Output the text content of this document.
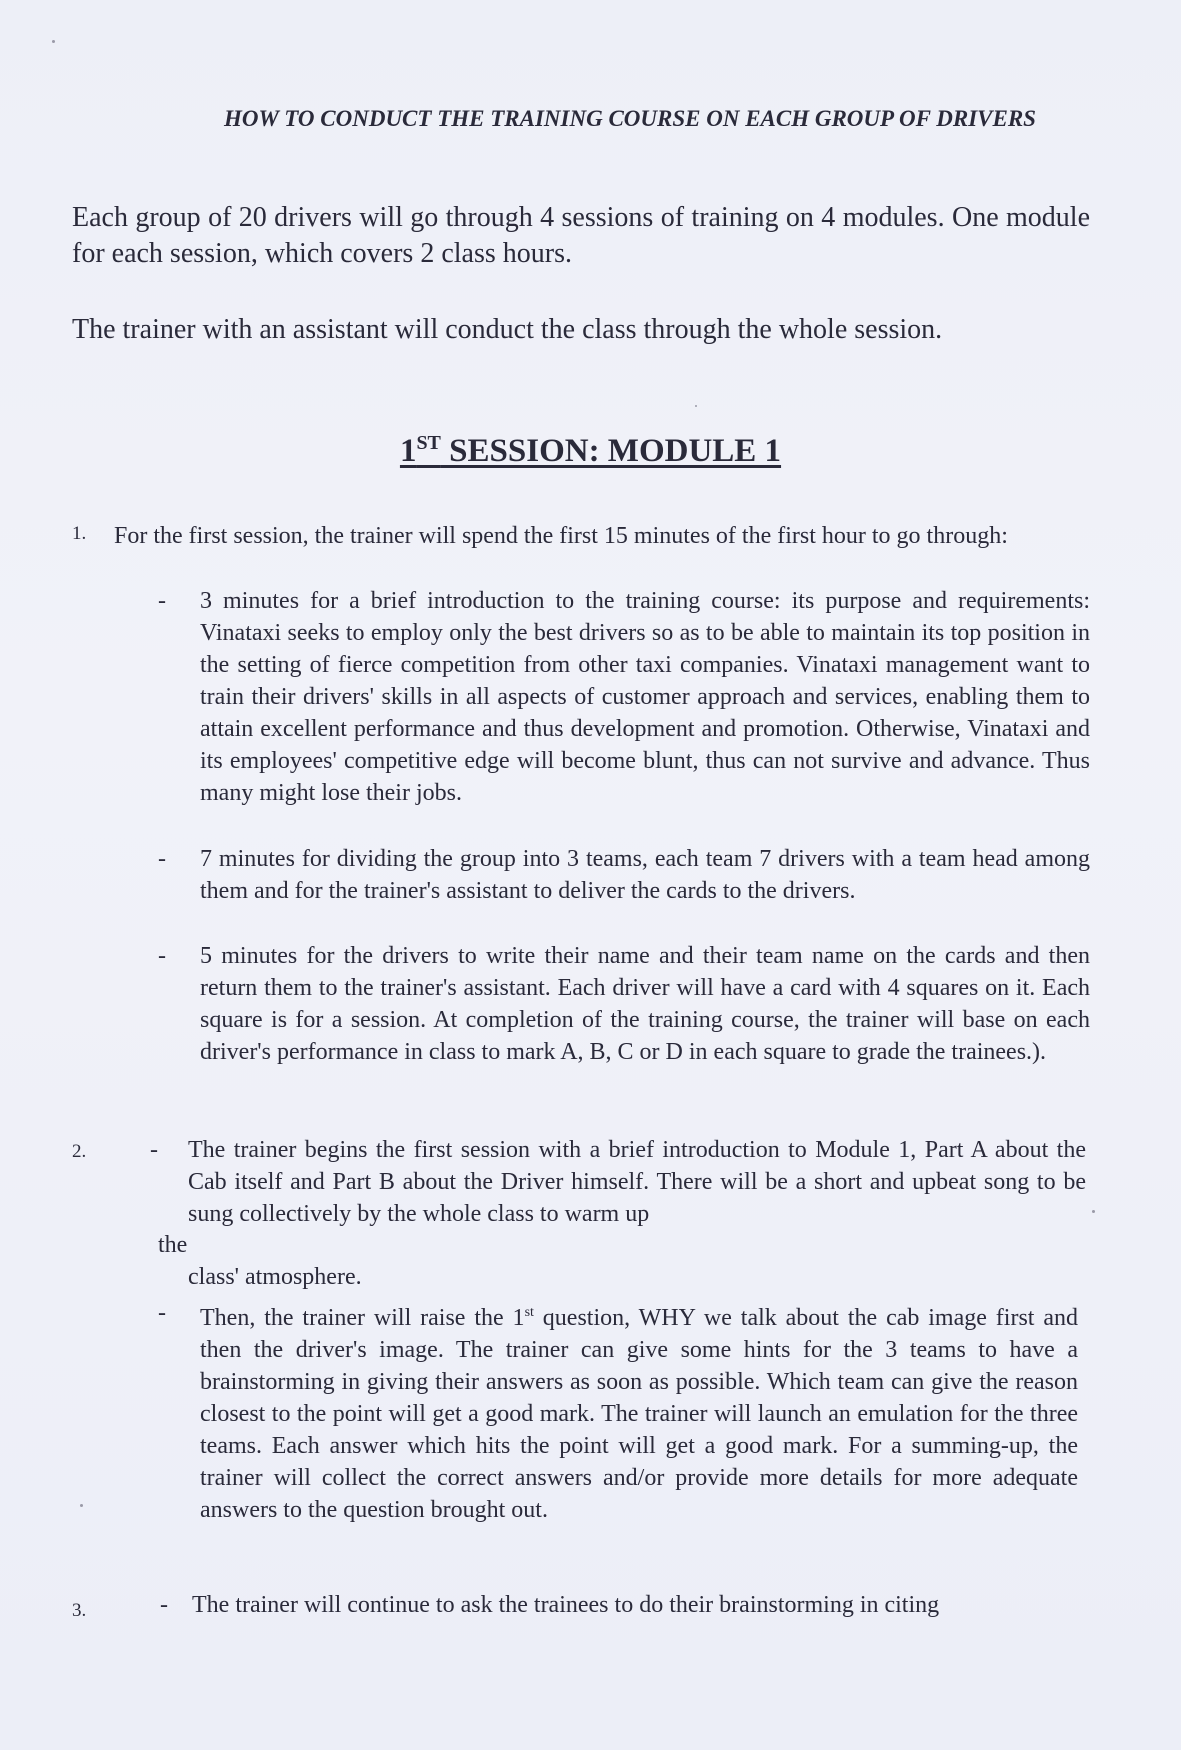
HOW TO CONDUCT THE TRAINING COURSE ON EACH GROUP OF DRIVERS

Each group of 20 drivers will go through 4 sessions of training on 4 modules. One module for each session, which covers 2 class hours.

The trainer with an assistant will conduct the class through the whole session.

1ST SESSION: MODULE 1
1. For the first session, the trainer will spend the first 15 minutes of the first hour to go through:

- 3 minutes for a brief introduction to the training course: its purpose and requirements: Vinataxi seeks to employ only the best drivers so as to be able to maintain its top position in the setting of fierce competition from other taxi companies. Vinataxi management want to train their drivers' skills in all aspects of customer approach and services, enabling them to attain excellent performance and thus development and promotion. Otherwise, Vinataxi and its employees' competitive edge will become blunt, thus can not survive and advance. Thus many might lose their jobs.

- 7 minutes for dividing the group into 3 teams, each team 7 drivers with a team head among them and for the trainer's assistant to deliver the cards to the drivers.

- 5 minutes for the drivers to write their name and their team name on the cards and then return them to the trainer's assistant. Each driver will have a card with 4 squares on it. Each square is for a session. At completion of the training course, the trainer will base on each driver's performance in class to mark A, B, C or D in each square to grade the trainees.).

2.	- The trainer begins the first session with a brief introduction to Module 1, Part A about the Cab itself and Part B about the Driver himself. There will be a short and upbeat song to be sung collectively by the whole class to warm up

the
class' atmosphere.
- Then, the trainer will raise the 1st question, WHY we talk about the cab image first and then the driver's image. The trainer can give some hints for the 3 teams to have a brainstorming in giving their answers as soon as possible. Which team can give the reason closest to the point will get a good mark. The trainer will launch an emulation for the three teams. Each answer which hits the point will get a good mark. For a summing-up, the trainer will collect the correct answers and/or provide more details for more adequate answers to the question brought out.

3.	- The trainer will continue to ask the trainees to do their brainstorming in citing
